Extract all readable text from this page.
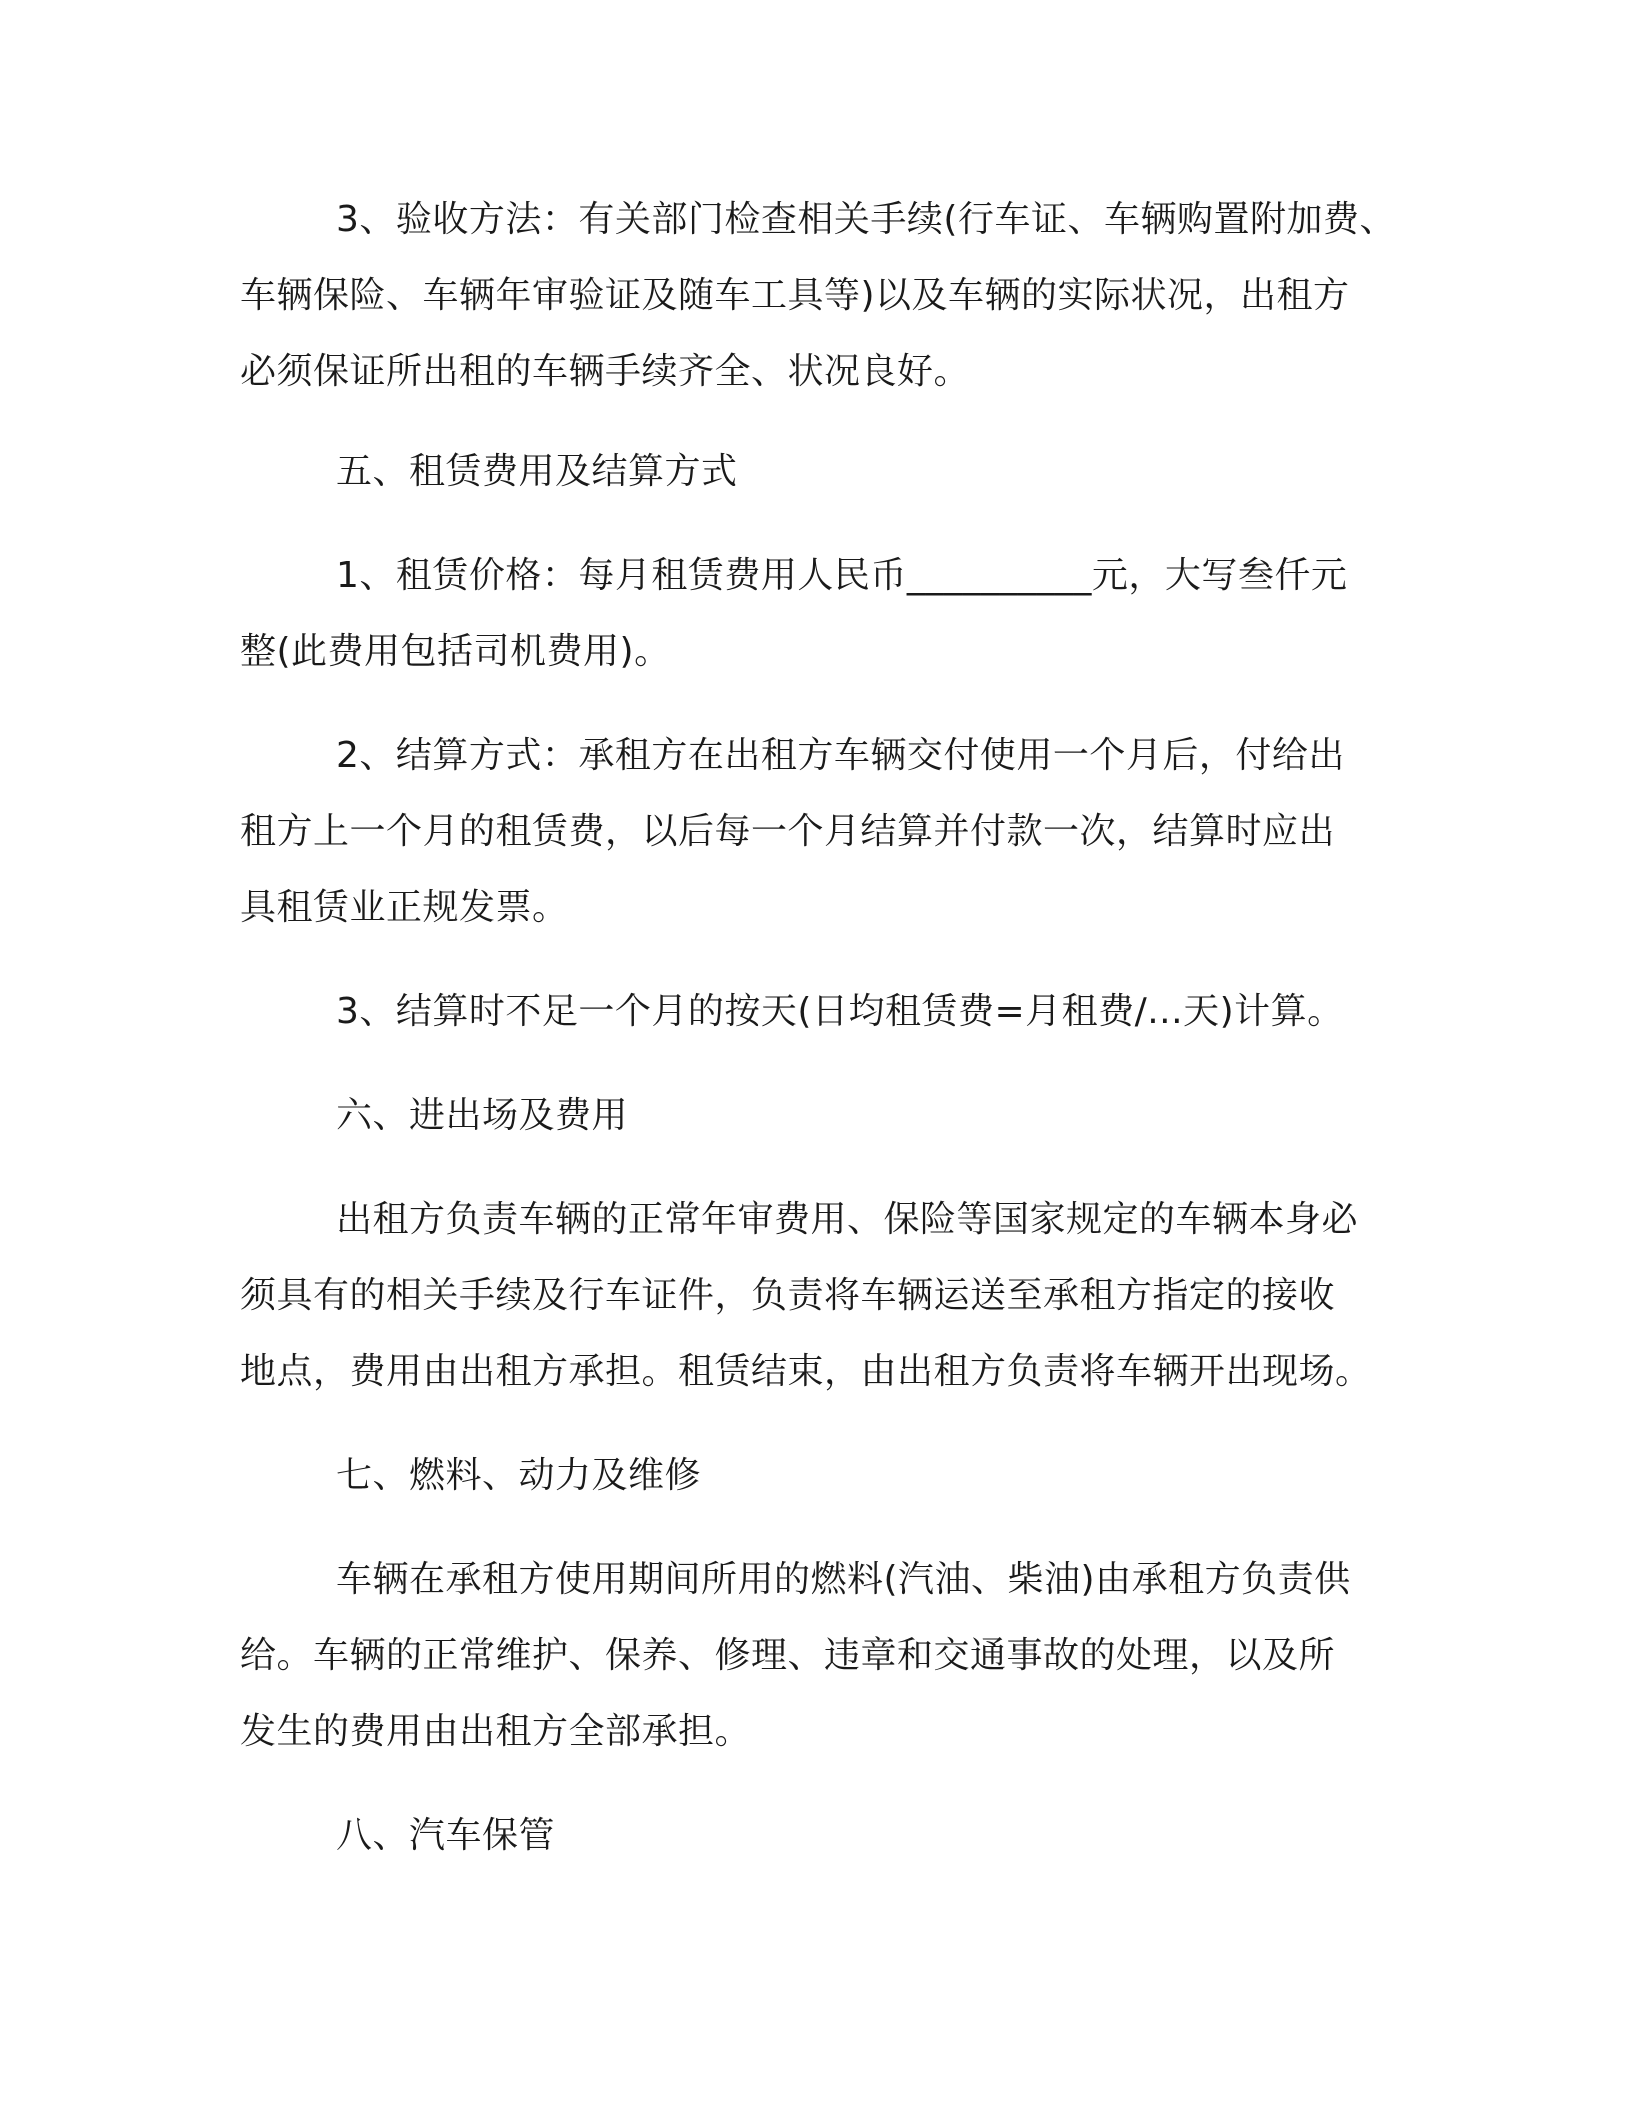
3、验收方法：有关部门检查相关手续(行车证、车辆购置附加费、
车辆保险、车辆年审验证及随车工具等)以及车辆的实际状况，出租方
必须保证所出租的车辆手续齐全、状况良好。
五、租赁费用及结算方式
1、租赁价格：每月租赁费用人民币__________元，大写叁仟元
整(此费用包括司机费用)。
2、结算方式：承租方在出租方车辆交付使用一个月后，付给出
租方上一个月的租赁费，以后每一个月结算并付款一次，结算时应出
具租赁业正规发票。
3、结算时不足一个月的按天(日均租赁费=月租费/...天)计算。
六、进出场及费用
出租方负责车辆的正常年审费用、保险等国家规定的车辆本身必
须具有的相关手续及行车证件，负责将车辆运送至承租方指定的接收
地点，费用由出租方承担。租赁结束，由出租方负责将车辆开出现场。
七、燃料、动力及维修
车辆在承租方使用期间所用的燃料(汽油、柴油)由承租方负责供
给。车辆的正常维护、保养、修理、违章和交通事故的处理，以及所
发生的费用由出租方全部承担。
八、汽车保管
